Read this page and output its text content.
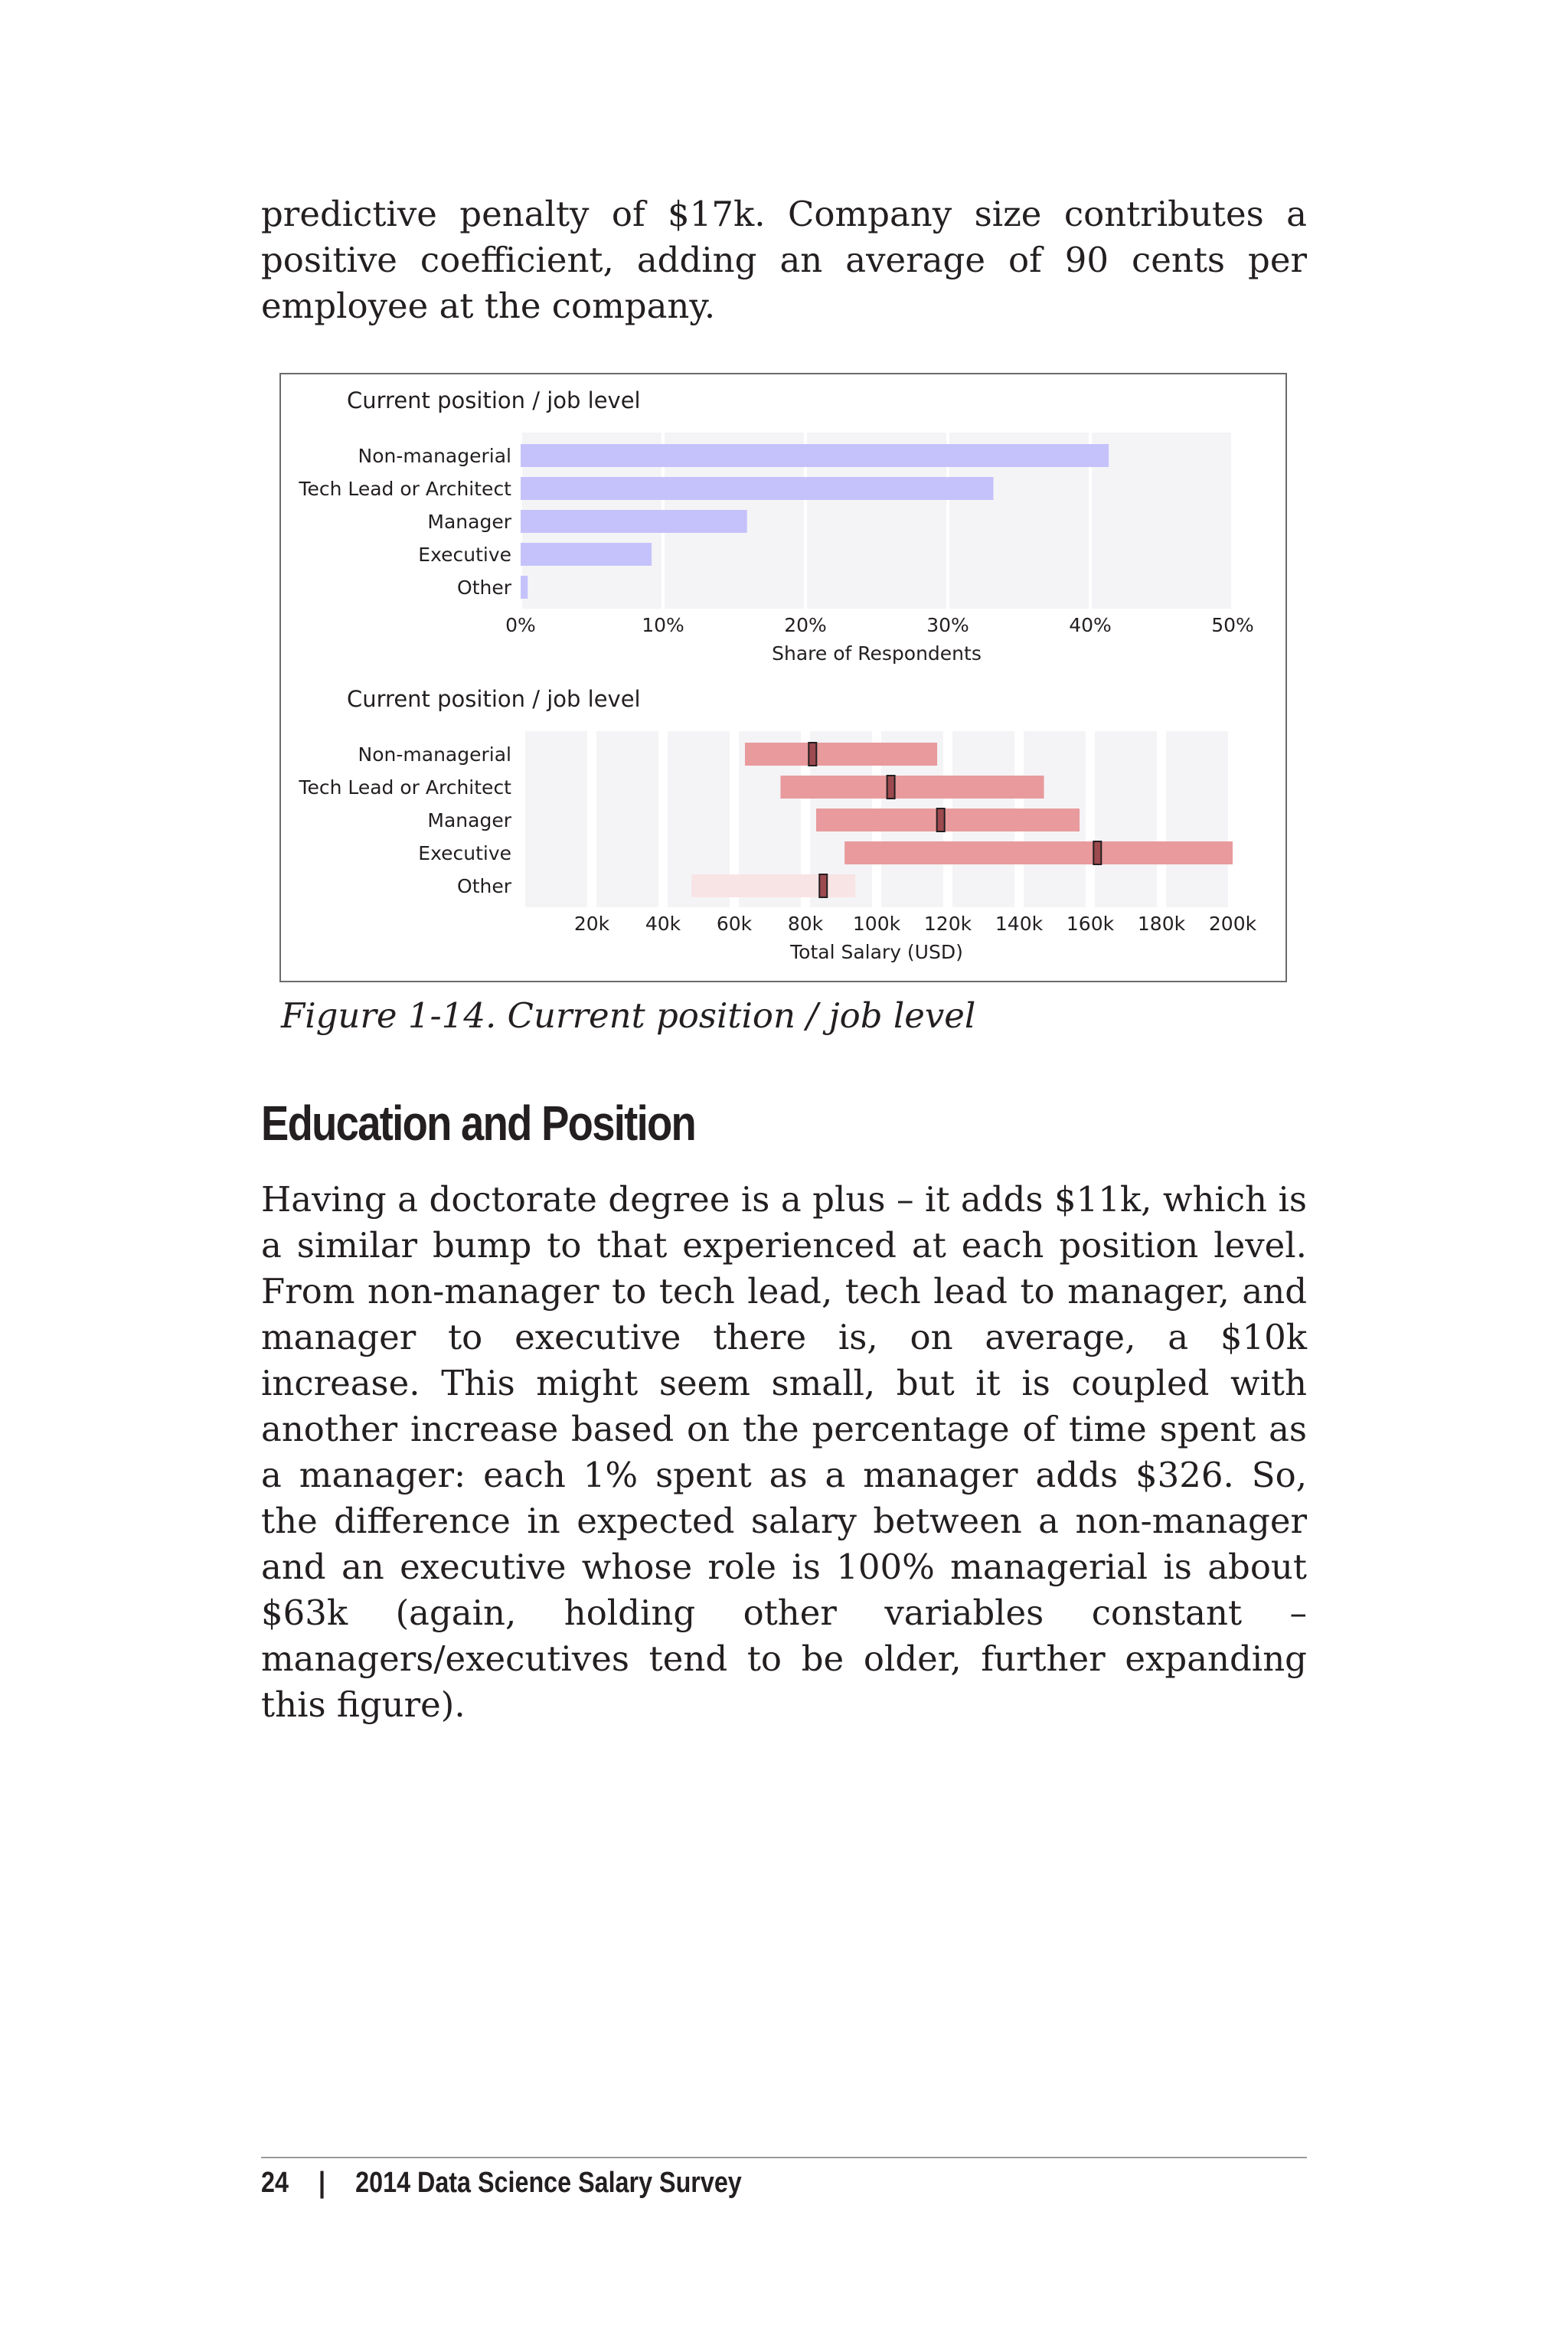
predictive penalty of $17k. Company size contributes a positive coefficient, adding an average of 90 cents per employee at the company.

Current position / job level
Current position / job level
Non-managerial
Tech Lead or Architect
Manager
Executive
Other
0%	10%	20%	30%	40%	50%
Share of Respondents
Non-managerial
Tech Lead or Architect
Manager
Executive
Other
20k 40k 60k 80k 100k 120k 140k 160k 180k 200k
Total Salary (USD)
Figure 1-14. Current position / job level
Education and Position

Having a doctorate degree is a plus – it adds $11k, which is a similar bump to that experienced at each position level. From non-manager to tech lead, tech lead to manager, and manager to executive there is, on average, a $10k increase. This might seem small, but it is coupled with another increase based on the percentage of time spent as a manager: each 1% spent as a manager adds $326. So, the difference in expected salary between a non-manager and an executive whose role is 100% managerial is about $63k (again, holding other variables constant – managers/executives tend to be older, further expanding this figure).

24 | 2014 Data Science Salary Survey
